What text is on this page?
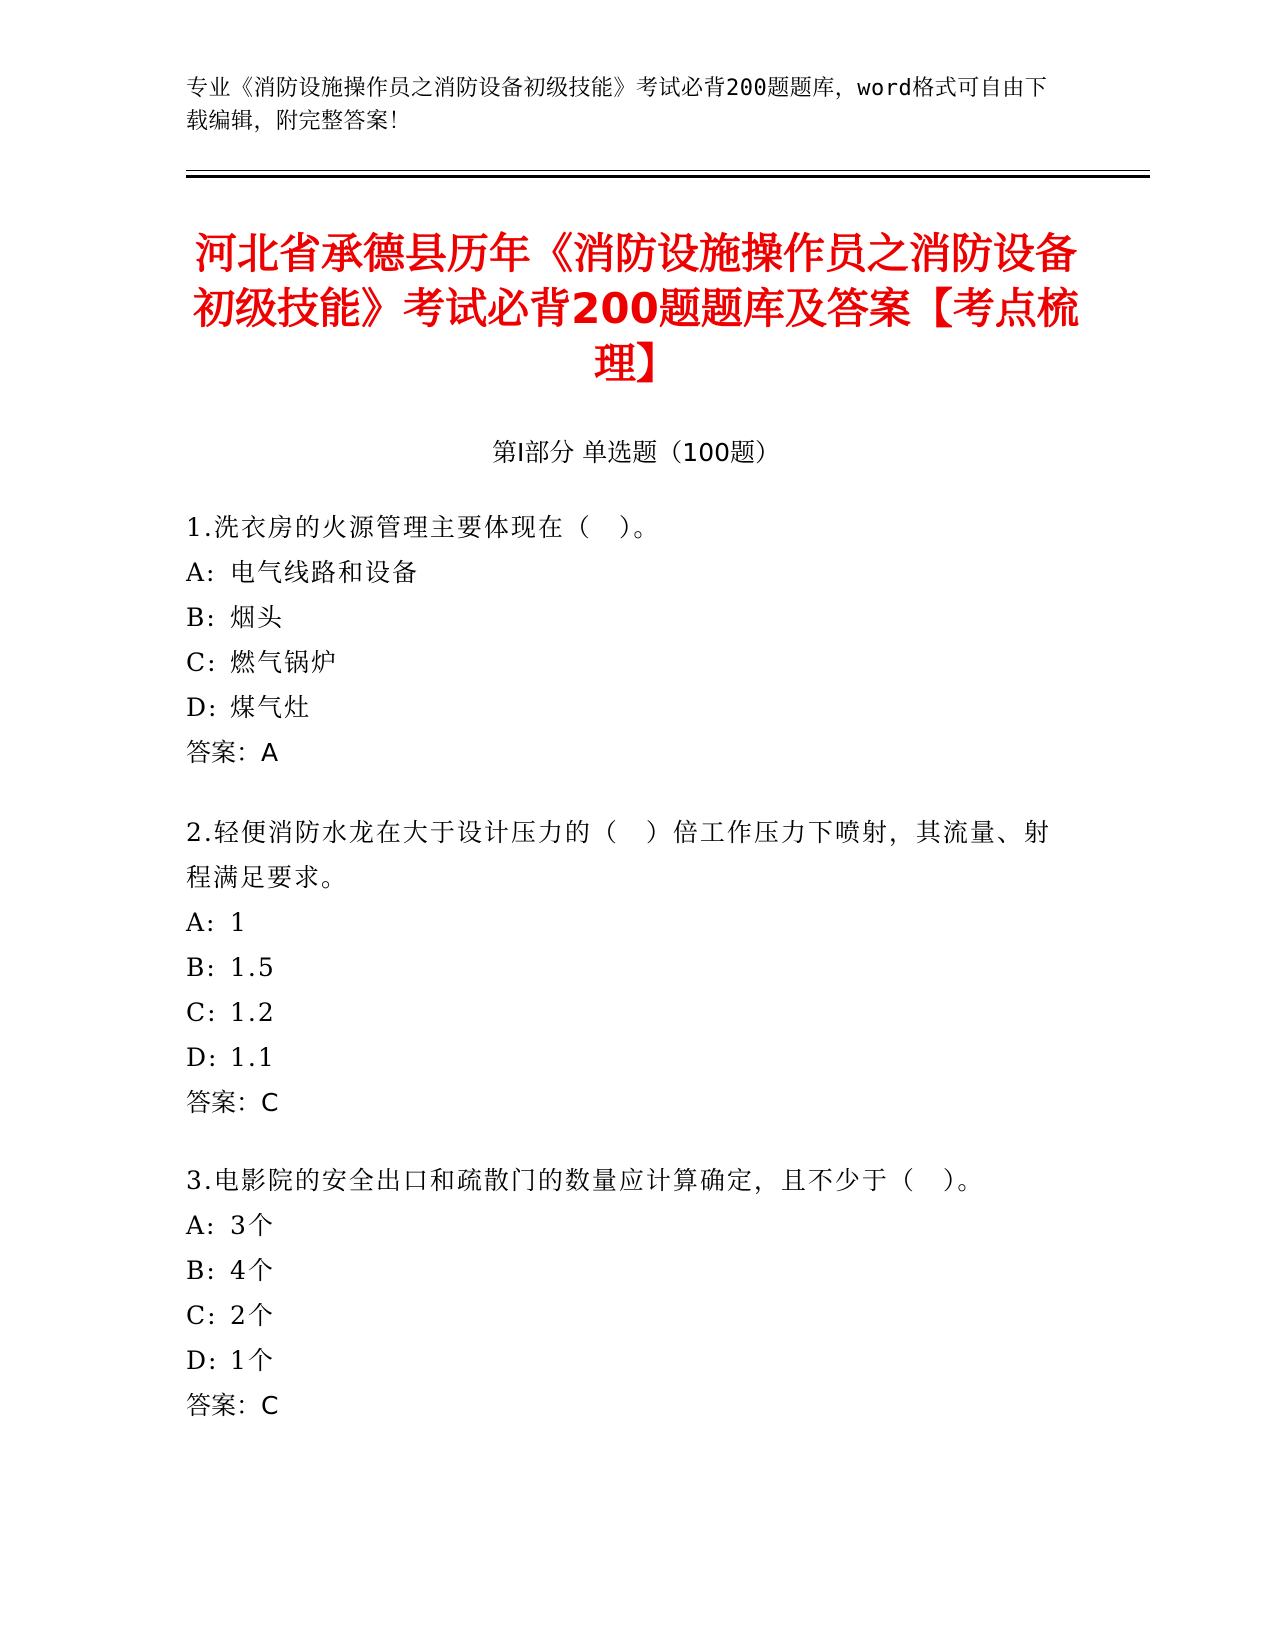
专业《消防设施操作员之消防设备初级技能》考试必背200题题库，word格式可自由下载编辑，附完整答案！
河北省承德县历年《消防设施操作员之消防设备初级技能》考试必背200题题库及答案【考点梳理】
第Ⅰ部分 单选题（100题）

1.洗衣房的火源管理主要体现在（　）。

A: 电气线路和设备

B: 烟头

C: 燃气锅炉

D: 煤气灶

答案：A

2.轻便消防水龙在大于设计压力的（　）倍工作压力下喷射，其流量、射程满足要求。

A: 1

B: 1.5

C: 1.2

D: 1.1

答案：C

3.电影院的安全出口和疏散门的数量应计算确定，且不少于（　）。

A: 3个

B: 4个

C: 2个

D: 1个

答案：C
